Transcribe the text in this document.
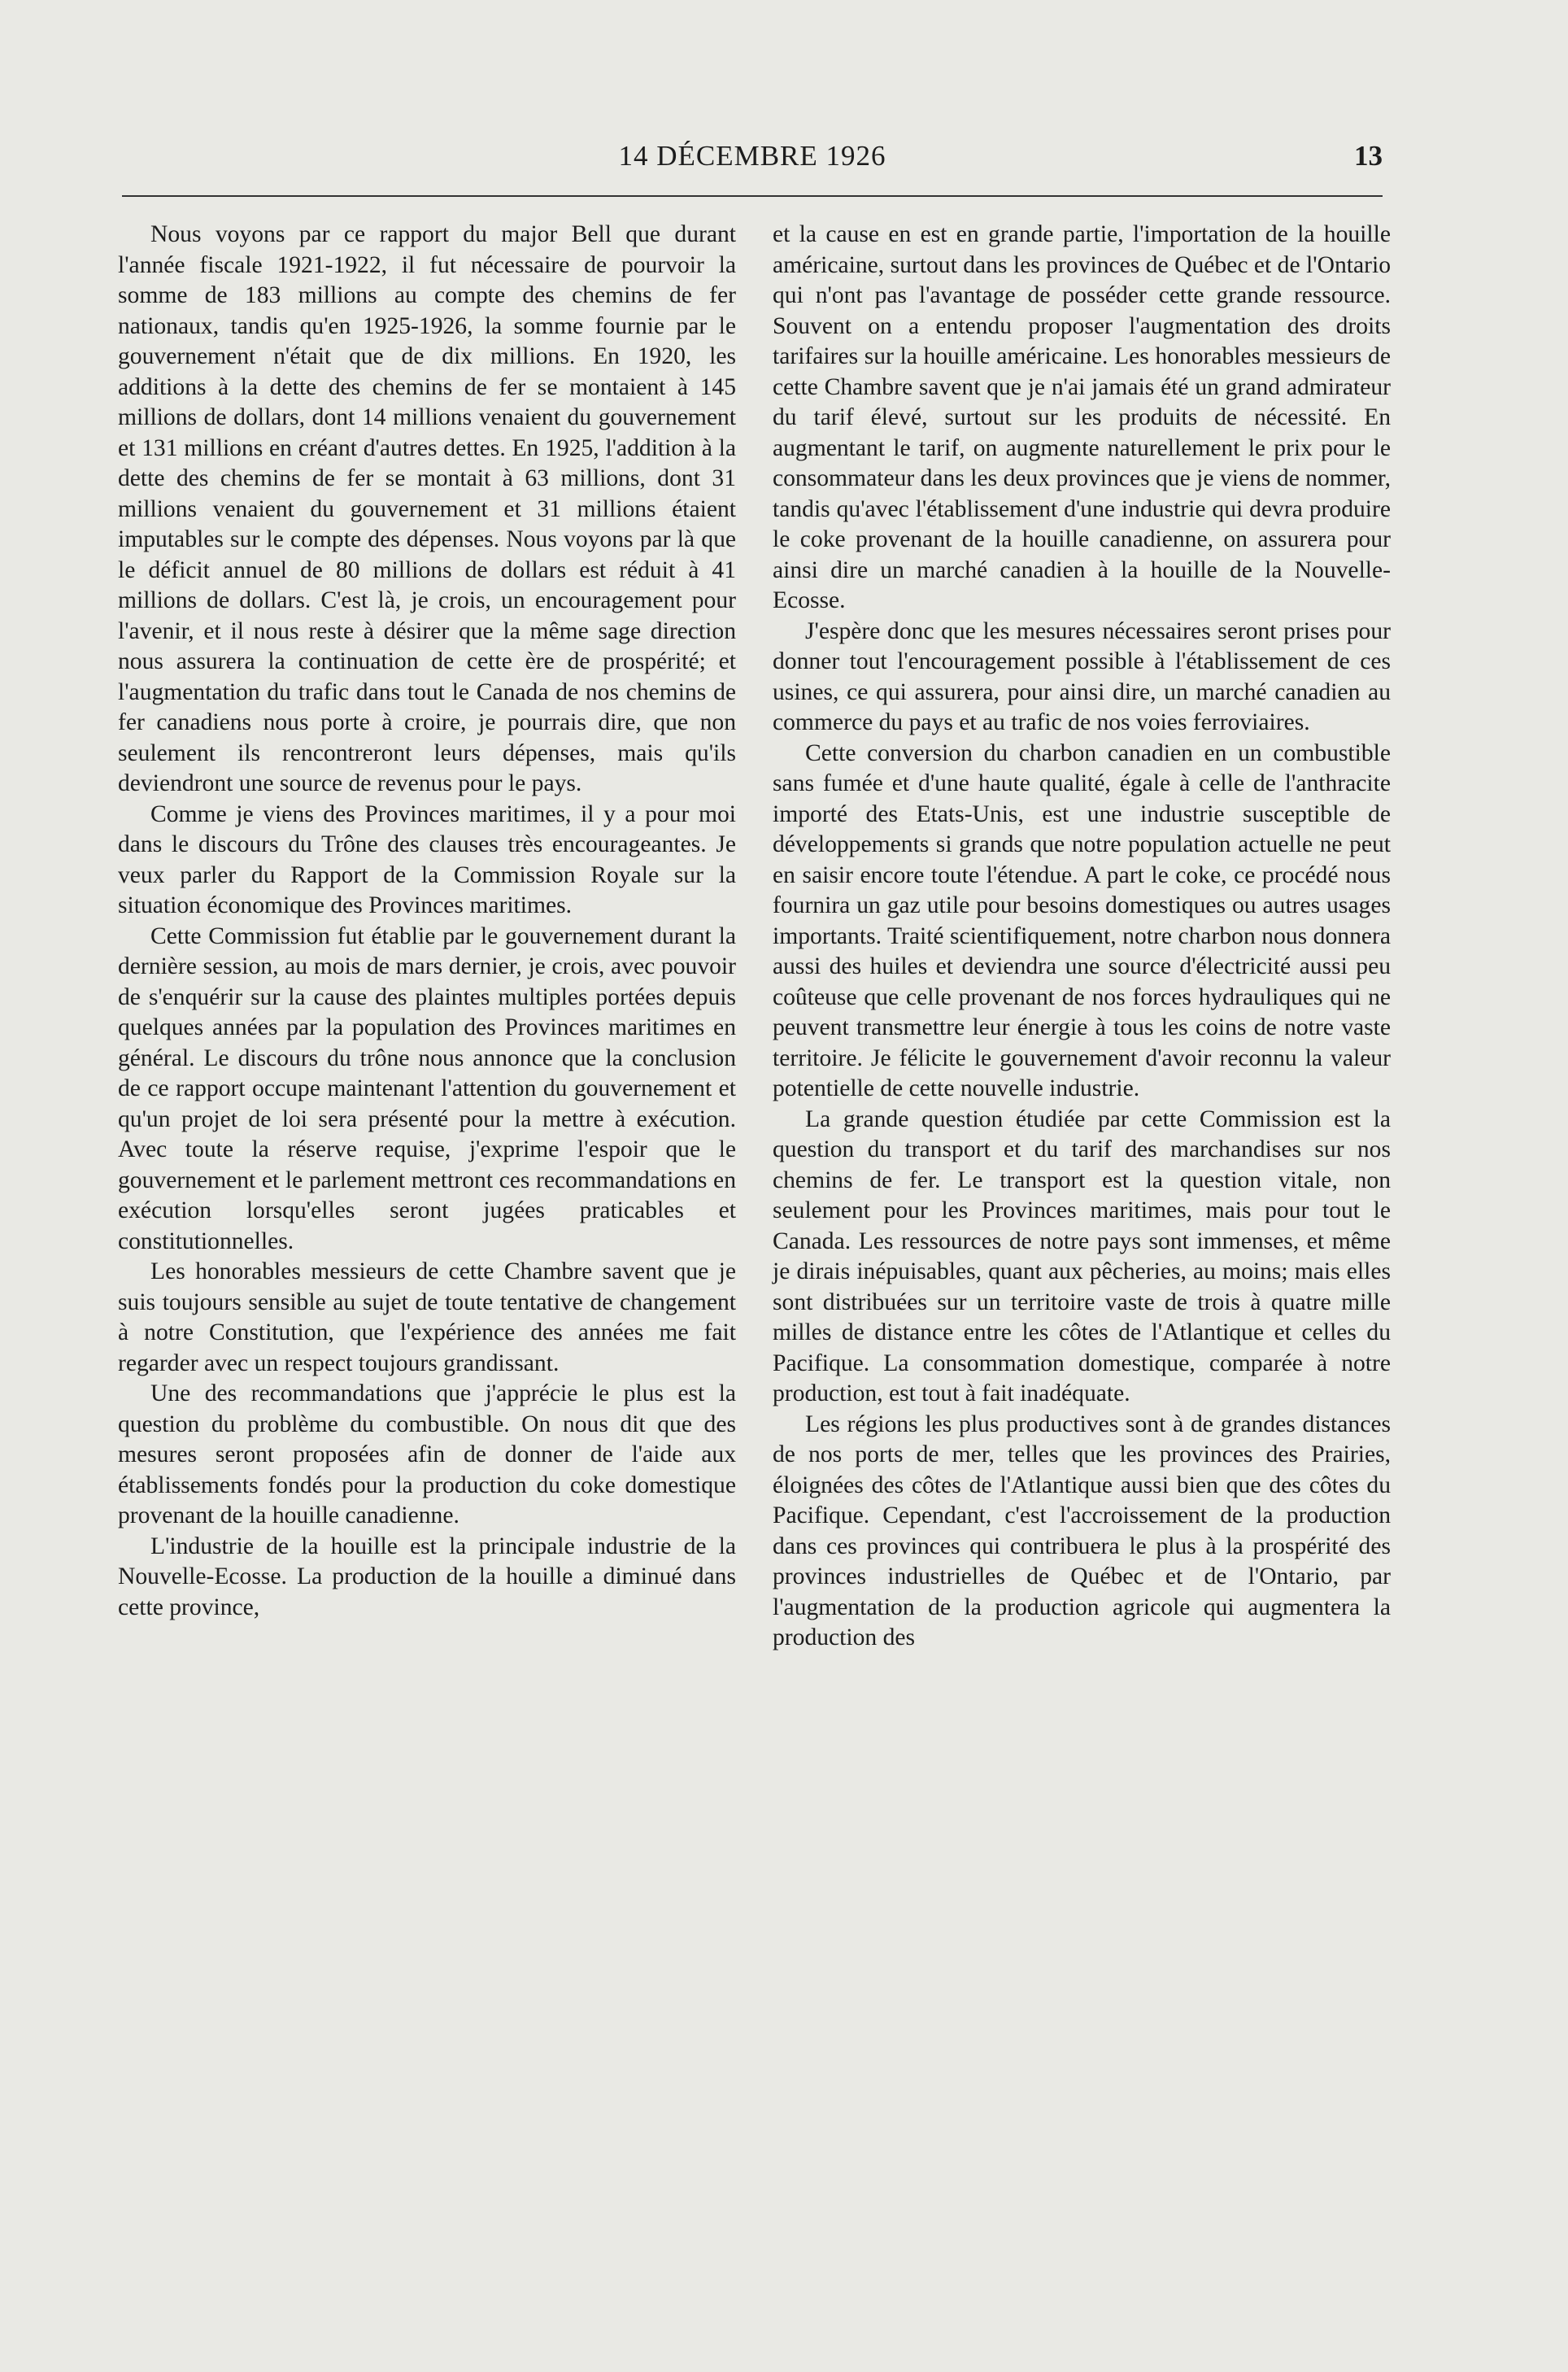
14 DÉCEMBRE 1926	13

Nous voyons par ce rapport du major Bell que durant l'année fiscale 1921-1922, il fut nécessaire de pourvoir la somme de 183 millions au compte des chemins de fer nationaux, tandis qu'en 1925-1926, la somme fournie par le gouvernement n'était que de dix millions. En 1920, les additions à la dette des chemins de fer se montaient à 145 millions de dollars, dont 14 millions venaient du gouvernement et 131 millions en créant d'autres dettes. En 1925, l'addition à la dette des chemins de fer se montait à 63 millions, dont 31 millions venaient du gouvernement et 31 millions étaient imputables sur le compte des dépenses. Nous voyons par là que le déficit annuel de 80 millions de dollars est réduit à 41 millions de dollars. C'est là, je crois, un encouragement pour l'avenir, et il nous reste à désirer que la même sage direction nous assurera la continuation de cette ère de prospérité; et l'augmentation du trafic dans tout le Canada de nos chemins de fer canadiens nous porte à croire, je pourrais dire, que non seulement ils rencontreront leurs dépenses, mais qu'ils deviendront une source de revenus pour le pays.

Comme je viens des Provinces maritimes, il y a pour moi dans le discours du Trône des clauses très encourageantes. Je veux parler du Rapport de la Commission Royale sur la situation économique des Provinces maritimes.

Cette Commission fut établie par le gouvernement durant la dernière session, au mois de mars dernier, je crois, avec pouvoir de s'enquérir sur la cause des plaintes multiples portées depuis quelques années par la population des Provinces maritimes en général. Le discours du trône nous annonce que la conclusion de ce rapport occupe maintenant l'attention du gouvernement et qu'un projet de loi sera présenté pour la mettre à exécution. Avec toute la réserve requise, j'exprime l'espoir que le gouvernement et le parlement mettront ces recommandations en exécution lorsqu'elles seront jugées praticables et constitutionnelles.

Les honorables messieurs de cette Chambre savent que je suis toujours sensible au sujet de toute tentative de changement à notre Constitution, que l'expérience des années me fait regarder avec un respect toujours grandissant.

Une des recommandations que j'apprécie le plus est la question du problème du combustible. On nous dit que des mesures seront proposées afin de donner de l'aide aux établissements fondés pour la production du coke domestique provenant de la houille canadienne.

L'industrie de la houille est la principale industrie de la Nouvelle-Ecosse. La production de la houille a diminué dans cette province,

et la cause en est en grande partie, l'importation de la houille américaine, surtout dans les provinces de Québec et de l'Ontario qui n'ont pas l'avantage de posséder cette grande ressource. Souvent on a entendu proposer l'augmentation des droits tarifaires sur la houille américaine. Les honorables messieurs de cette Chambre savent que je n'ai jamais été un grand admirateur du tarif élevé, surtout sur les produits de nécessité. En augmentant le tarif, on augmente naturellement le prix pour le consommateur dans les deux provinces que je viens de nommer, tandis qu'avec l'établissement d'une industrie qui devra produire le coke provenant de la houille canadienne, on assurera pour ainsi dire un marché canadien à la houille de la Nouvelle-Ecosse.

J'espère donc que les mesures nécessaires seront prises pour donner tout l'encouragement possible à l'établissement de ces usines, ce qui assurera, pour ainsi dire, un marché canadien au commerce du pays et au trafic de nos voies ferroviaires.

Cette conversion du charbon canadien en un combustible sans fumée et d'une haute qualité, égale à celle de l'anthracite importé des Etats-Unis, est une industrie susceptible de développements si grands que notre population actuelle ne peut en saisir encore toute l'étendue. A part le coke, ce procédé nous fournira un gaz utile pour besoins domestiques ou autres usages importants. Traité scientifiquement, notre charbon nous donnera aussi des huiles et deviendra une source d'électricité aussi peu coûteuse que celle provenant de nos forces hydrauliques qui ne peuvent transmettre leur énergie à tous les coins de notre vaste territoire. Je félicite le gouvernement d'avoir reconnu la valeur potentielle de cette nouvelle industrie.

La grande question étudiée par cette Commission est la question du transport et du tarif des marchandises sur nos chemins de fer. Le transport est la question vitale, non seulement pour les Provinces maritimes, mais pour tout le Canada. Les ressources de notre pays sont immenses, et même je dirais inépuisables, quant aux pêcheries, au moins; mais elles sont distribuées sur un territoire vaste de trois à quatre mille milles de distance entre les côtes de l'Atlantique et celles du Pacifique. La consommation domestique, comparée à notre production, est tout à fait inadéquate.

Les régions les plus productives sont à de grandes distances de nos ports de mer, telles que les provinces des Prairies, éloignées des côtes de l'Atlantique aussi bien que des côtes du Pacifique. Cependant, c'est l'accroissement de la production dans ces provinces qui contribuera le plus à la prospérité des provinces industrielles de Québec et de l'Ontario, par l'augmentation de la production agricole qui augmentera la production des
